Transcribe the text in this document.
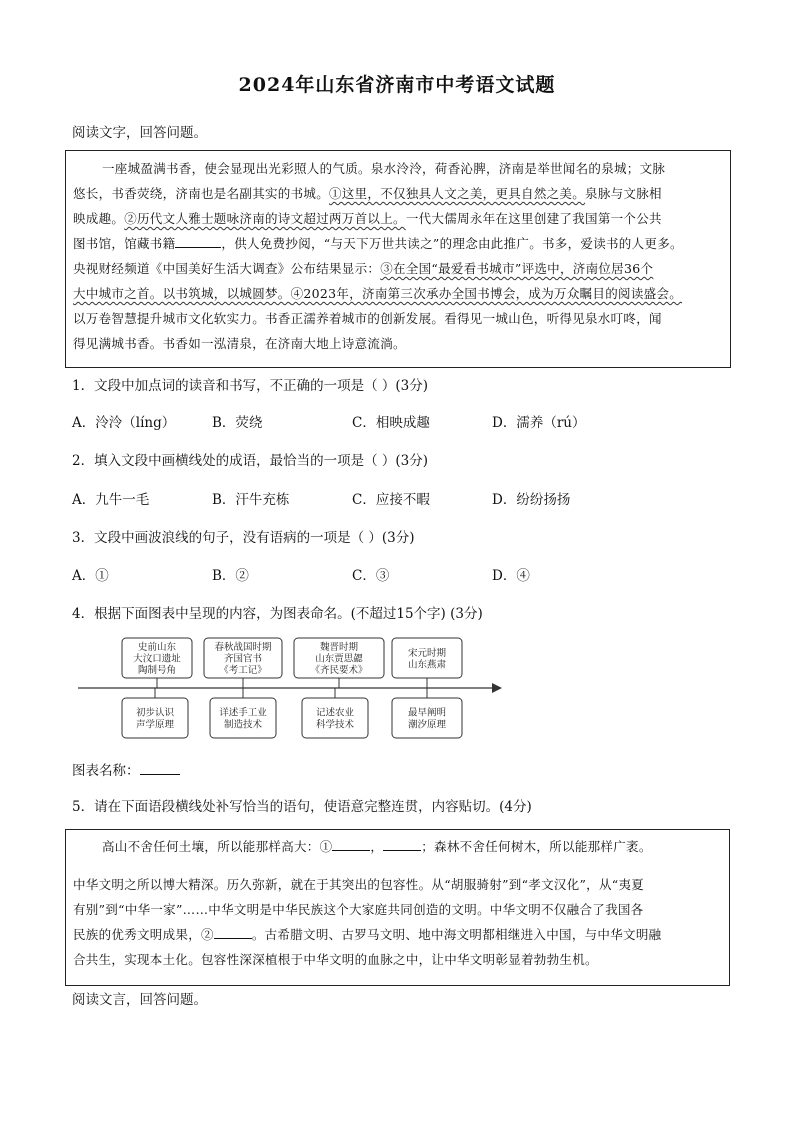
2024年山东省济南市中考语文试题
阅读文字，回答问题。
一座城盈满书香，使会显现出光彩照人的气质。泉水泠泠，荷香沁脾，济南是举世闻名的泉城；文脉
悠长，书香荧绕，济南也是名副其实的书城。①这里，不仅独具人文之美，更具自然之美。泉脉与文脉相
映成趣。②历代文人雅士题咏济南的诗文超过两万首以上。一代大儒周永年在这里创建了我国第一个公共
图书馆，馆藏书籍	，供人免费抄阅，“与天下万世共读之”的理念由此推广。书多，爱读书的人更多。
央视财经频道《中国美好生活大调查》公布结果显示：③在全国“最爱看书城市”评选中，济南位居36个
大中城市之首。以书筑城，以城圆梦。④2023年，济南第三次承办全国书博会，成为万众瞩目的阅读盛会。
以万卷智慧提升城市文化软实力。书香正濡养着城市的创新发展。看得见一城山色，听得见泉水叮咚，闻
得见满城书香。书香如一泓清泉，在济南大地上诗意流淌。
1．文段中加点词的读音和书写，不正确的一项是（ ）(3分)
A．泠泠（líng）	B．荧绕	C．相映成趣	D．濡养（rú）
2．填入文段中画横线处的成语，最恰当的一项是（ ）(3分)
A．九牛一毛	B．汗牛充栋	C．应接不暇	D．纷纷扬扬
3．文段中画波浪线的句子，没有语病的一项是（ ）(3分)
A．①	B．②	C．③	D．④
4．根据下面图表中呈现的内容，为图表命名。(不超过15个字) (3分)
史前山东
大汶口遗址
陶制号角
春秋战国时期
齐国官书
《考工记》
魏晋时期
山东贾思勰
《齐民要术》
宋元时期
山东燕肃
初步认识
声学原理
详述手工业
制造技术
记述农业
科学技术
最早阐明
潮汐原理
图表名称：
5．请在下面语段横线处补写恰当的语句，使语意完整连贯，内容贴切。(4分)
高山不舍任何土壤，所以能那样高大：①	，	；森林不舍任何树木，所以能那样广袤。
中华文明之所以博大精深。历久弥新，就在于其突出的包容性。从“胡服骑射”到“孝文汉化”，从“夷夏
有别”到“中华一家”……中华文明是中华民族这个大家庭共同创造的文明。中华文明不仅融合了我国各
民族的优秀文明成果，②	。古希腊文明、古罗马文明、地中海文明都相继进入中国，与中华文明融
合共生，实现本土化。包容性深深植根于中华文明的血脉之中，让中华文明彰显着勃勃生机。
阅读文言，回答问题。
